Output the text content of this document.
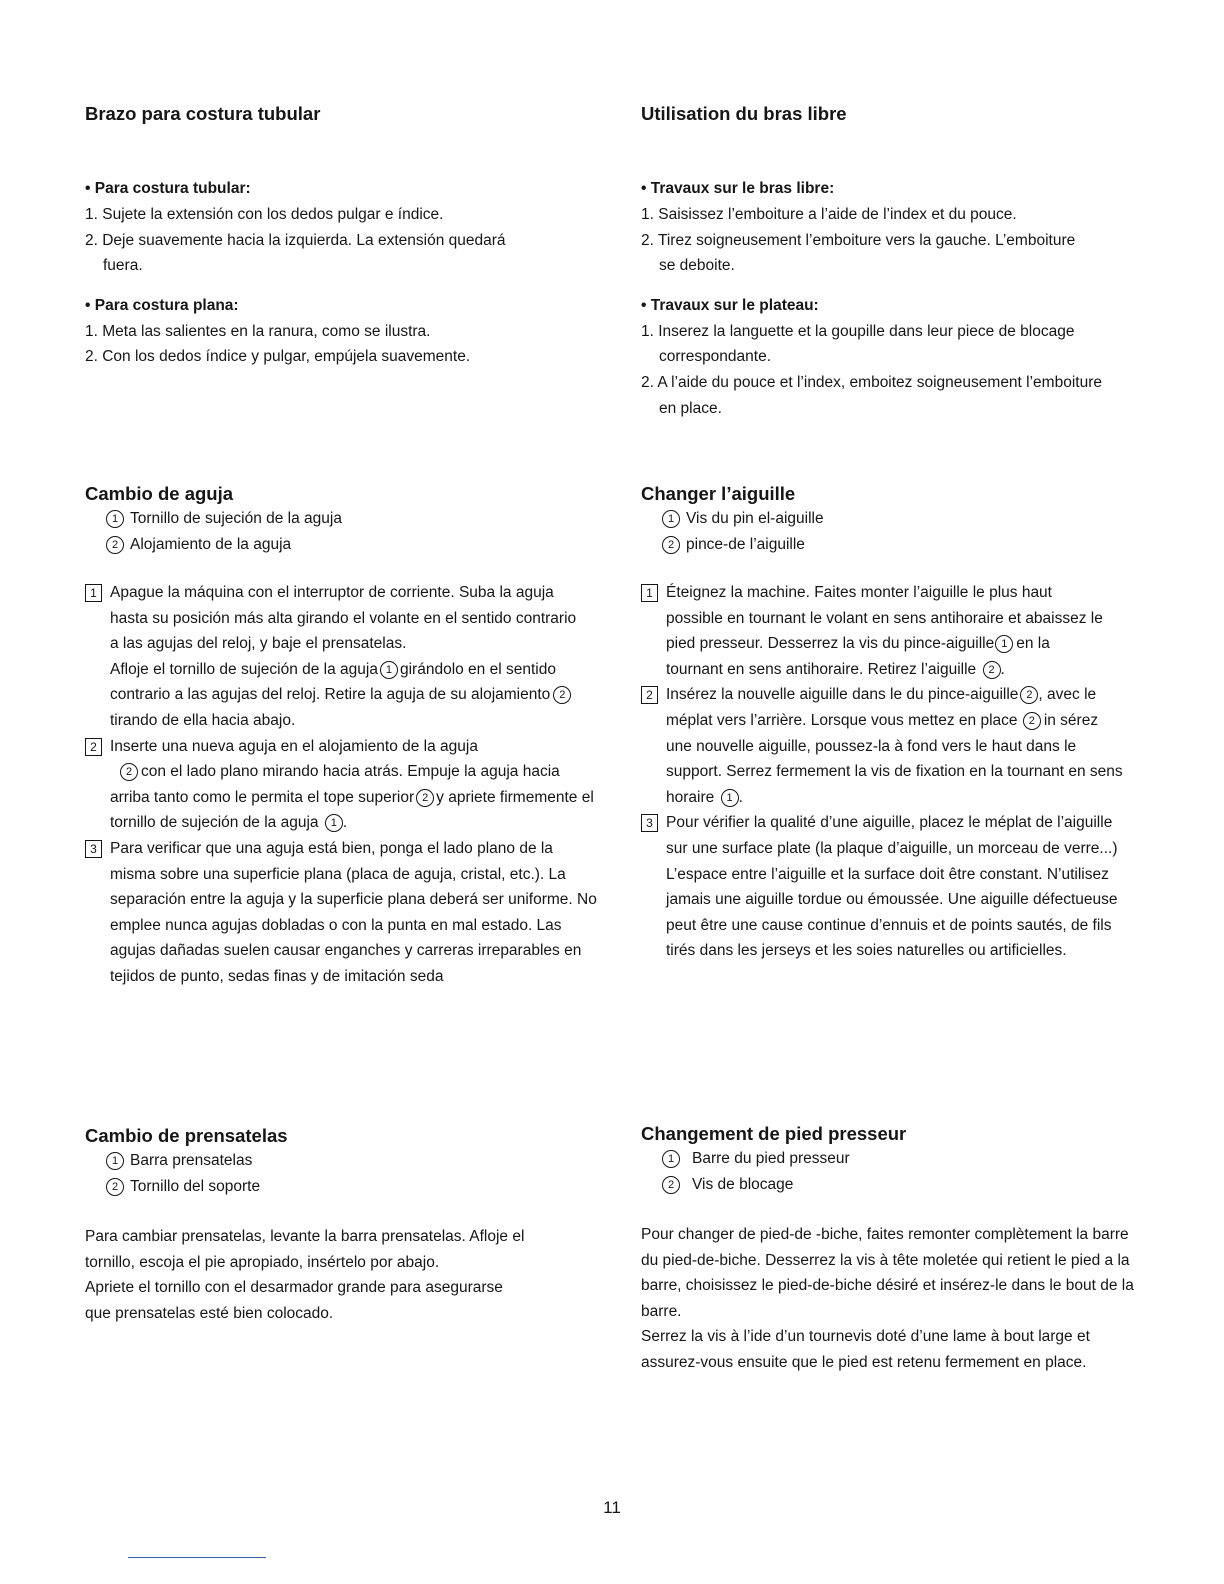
Brazo para costura tubular

• Para costura tubular:

1. Sujete la extensión con los dedos pulgar e índice.
2. Deje suavemente hacia la izquierda. La extensión quedará fuera.

• Para costura plana:

1. Meta las salientes en la ranura, como se ilustra.
2. Con los dedos índice y pulgar, empújela suavemente.
Cambio de aguja
1 Tornillo de sujeción de la aguja
2 Alojamiento de la aguja
1 Apague la máquina con el interruptor de corriente. Suba la aguja hasta su posición más alta girando el volante en el sentido contrario a las agujas del reloj, y baje el prensatelas.

Afloje el tornillo de sujeción de la aguja 1 girándolo en el sentido contrario a las agujas del reloj. Retire la aguja de su alojamiento 2tirando de ella hacia abajo.

2 Inserte una nueva aguja en el alojamiento de la aguja
2 con el lado plano mirando hacia atrás. Empuje la aguja hacia arriba tanto como le permita el tope superior 2 y apriete firmemente el tornillo de sujeción de la aguja 1 .

3 Para verificar que una aguja está bien, ponga el lado plano de la misma sobre una superficie plana (placa de aguja, cristal, etc.). La separación entre la aguja y la superficie plana deberá ser uniforme. No emplee nunca agujas dobladas o con la punta en mal estado. Las agujas dañadas suelen causar enganches y carreras irreparables en tejidos de punto, sedas finas y de imitación seda

Cambio de prensatelas
1 Barra prensatelas
2 Tornillo del soporte

Para cambiar prensatelas, levante la barra prensatelas. Afloje el tornillo, escoja el pie apropiado, insértelo por abajo.

Apriete el tornillo con el desarmador grande para asegurarse que prensatelas esté bien colocado.

Utilisation du bras libre

• Travaux sur le bras libre:

1. Saisissez l’emboiture a l’aide de l’index et du pouce.
2. Tirez soigneusement l’emboiture vers la gauche. L’emboiture se deboite.

• Travaux sur le plateau:

1. Inserez la languette et la goupille dans leur piece de blocage correspondante.
2. A l’aide du pouce et l’index, emboitez soigneusement l’emboiture en place.
Changer l’aiguille
1 Vis du pin el-aiguille
2 pince-de l’aiguille
1 Éteignez la machine. Faites monter l’aiguille le plus haut possible en tournant le volant en sens antihoraire et abaissez le pied presseur. Desserrez la vis du pince-aiguille 1 en la tournant en sens antihoraire. Retirez l’aiguille 2 .

2 Insérez la nouvelle aiguille dans le du pince-aiguille 2 , avec le méplat vers l’arrière. Lorsque vous mettez en place 2 in sérez une nouvelle aiguille, poussez-la à fond vers le haut dans le support. Serrez fermement la vis de fixation en la tournant en sens horaire 1 .

3 Pour vérifier la qualité d’une aiguille, placez le méplat de l’aiguille sur une surface plate (la plaque d’aiguille, un morceau de verre...) L’espace entre l’aiguille et la surface doit être constant. N’utilisez jamais une aiguille tordue ou émoussée. Une aiguille défectueuse peut être une cause continue d’ennuis et de points sautés, de fils tirés dans les jerseys et les soies naturelles ou artificielles.

Changement de pied presseur
1 Barre du pied presseur
2 Vis de blocage

Pour changer de pied-de -biche, faites remonter complètement la barre du pied-de-biche. Desserrez la vis à tête moletée qui retient le pied a la barre, choisissez le pied-de-biche désiré et insérez-le dans le bout de la barre.

Serrez la vis à l’ide d’un tournevis doté d’une lame à bout large et assurez-vous ensuite que le pied est retenu fermement en place.

11
